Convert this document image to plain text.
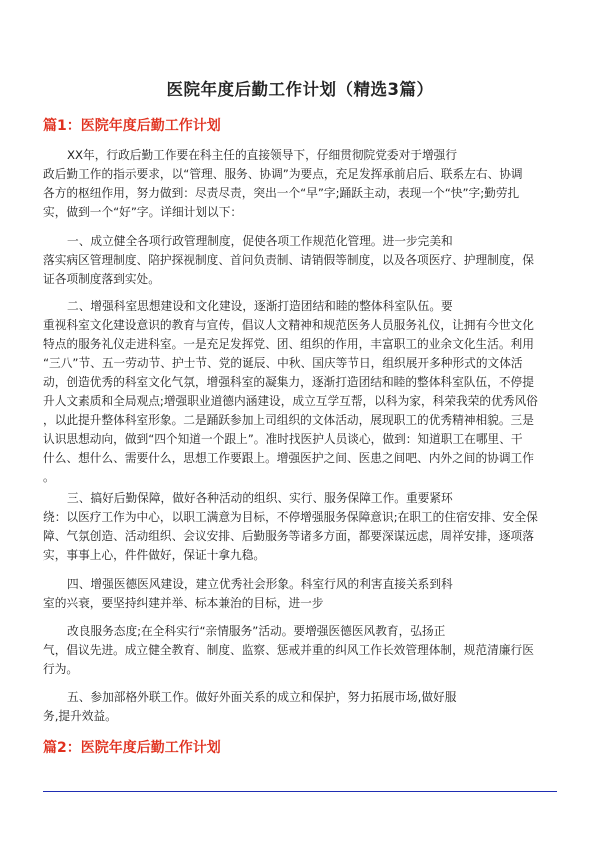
医院年度后勤工作计划（精选3篇）
篇1：医院年度后勤工作计划
XX年，行政后勤工作要在科主任的直接领导下，仔细贯彻院党委对于增强行
政后勤工作的指示要求，以“管理、服务、协调”为要点，充足发挥承前启后、联系左右、协调
各方的枢纽作用，努力做到：尽责尽责，突出一个“早”字;踊跃主动，表现一个“快”字;勤劳扎
实，做到一个“好”字。详细计划以下：
一、成立健全各项行政管理制度，促使各项工作规范化管理。进一步完美和
落实病区管理制度、陪护探视制度、首问负责制、请销假等制度，以及各项医疗、护理制度，保
证各项制度落到实处。
二、增强科室思想建设和文化建设，逐渐打造团结和睦的整体科室队伍。要
重视科室文化建设意识的教育与宣传，倡议人文精神和规范医务人员服务礼仪，让拥有今世文化
特点的服务礼仪走进科室。一是充足发挥党、团、组织的作用，丰富职工的业余文化生活。利用
“三八”节、五一劳动节、护士节、党的诞辰、中秋、国庆等节日，组织展开多种形式的文体活
动，创造优秀的科室文化气氛，增强科室的凝集力，逐渐打造团结和睦的整体科室队伍，不停提
升人文素质和全局观点;增强职业道德内涵建设，成立互学互帮，以科为家，科荣我荣的优秀风俗
，以此提升整体科室形象。二是踊跃参加上司组织的文体活动，展现职工的优秀精神相貌。三是
认识思想动向，做到“四个知道一个跟上”。准时找医护人员谈心，做到：知道职工在哪里、干
什么、想什么、需要什么，思想工作要跟上。增强医护之间、医患之间吧、内外之间的协调工作
。
三、搞好后勤保障，做好各种活动的组织、实行、服务保障工作。重要紧环
绕：以医疗工作为中心，以职工满意为目标，不停增强服务保障意识;在职工的住宿安排、安全保
障、气氛创造、活动组织、会议安排、后勤服务等诸多方面，都要深谋远虑，周祥安排，逐项落
实，事事上心，件件做好，保证十拿九稳。
四、增强医德医风建设，建立优秀社会形象。科室行风的利害直接关系到科
室的兴衰，要坚持纠建并举、标本兼治的目标，进一步
改良服务态度;在全科实行“亲情服务”活动。要增强医德医风教育，弘扬正
气，倡议先进。成立健全教育、制度、监察、惩戒并重的纠风工作长效管理体制，规范清廉行医
行为。
五、参加部格外联工作。做好外面关系的成立和保护，努力拓展市场,做好服
务,提升效益。
篇2：医院年度后勤工作计划
